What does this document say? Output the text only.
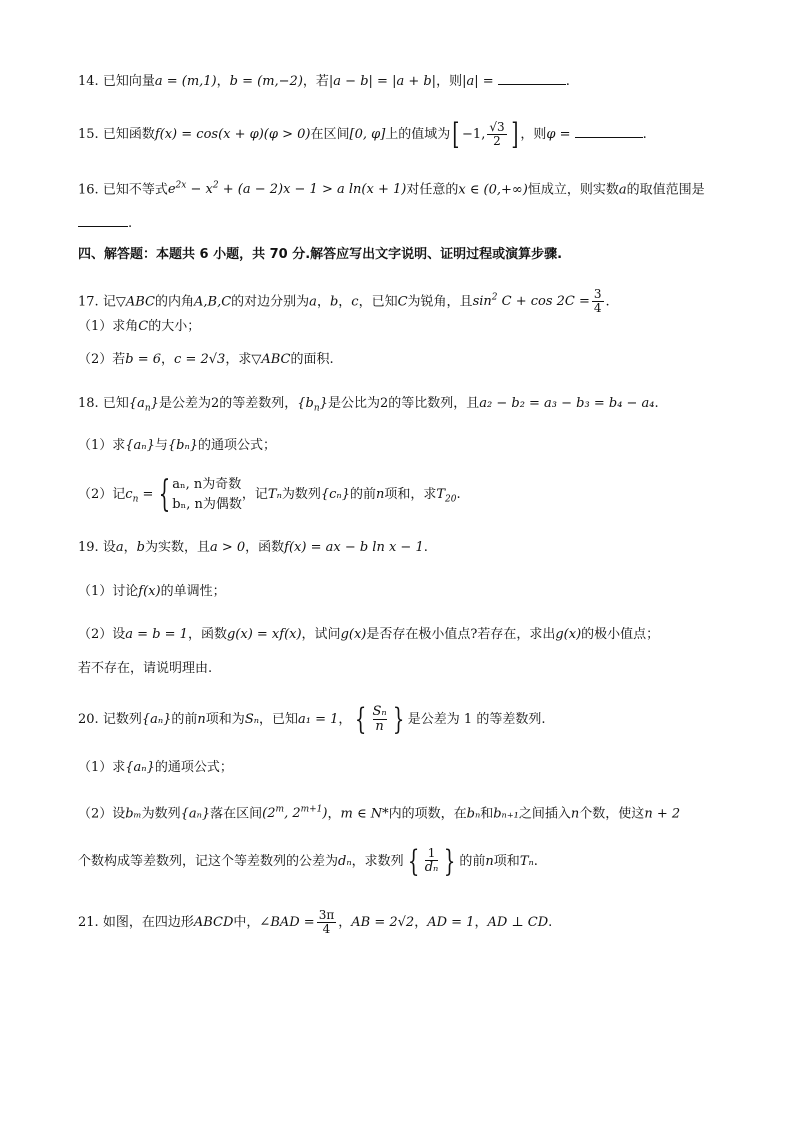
14. 已知向量a = (m,1)，b = (m,−2)，若|a − b| = |a + b|，则|a| =	.
15. 已知函数f(x) = cos(x + φ)(φ > 0)在区间[0, φ]上的值域为[ −1, $\frac{√3}{2}$ ] ，则φ =	.
16. 已知不等式$e^{2x} - x^2 + (a - 2)x - 1 > a$ ln(x + 1)对任意的x ∈ (0,+∞)恒成立，则实数a的取值范围是
.
四、解答题：本题共 6 小题，共 70 分.解答应写出文字说明、证明过程或演算步骤.
17. 记▽ABC的内角A,B,C的对边分别为a，b，c，已知C为锐角，且$\sin^2 C + \cos 2C = \frac{3}{4}$ .
（1）求角C的大小；
（2）若b = 6，c = 2√3，求▽ABC的面积.
18. 已知$\{a_n\}$是公差为2的等差数列，$\{b_n\}$是公比为2的等比数列，且a₂ − b₂ = a₃ − b₃ = b₄ − a₄.
（1）求{aₙ}与{bₙ}的通项公式；
（2）记$c_n$ = { aₙ, n为奇数
bₙ, n为偶数
，记Tₙ为数列{cₙ}的前n项和，求$T_{20}$.
19. 设a，b为实数，且a > 0，函数f(x) = ax − b ln x − 1.
（1）讨论f(x)的单调性；
（2）设a = b = 1，函数g(x) = xf(x)，试问g(x)是否存在极小值点?若存在，求出g(x)的极小值点；
若不存在，请说明理由.
20. 记数列{aₙ}的前n项和为Sₙ，已知a₁ = 1， { $\frac{\text{Sₙ}}{n}$ } 是公差为 1 的等差数列.
（1）求{aₙ}的通项公式；
（2）设bₘ为数列{aₙ}落在区间(2$^m$, $2^{m+1}$)，m ∈ N*内的项数，在bₙ和bₙ₊₁之间插入n个数，使这n + 2
个数构成等差数列，记这个等差数列的公差为dₙ，求数列 { $\frac{1}{\text{dₙ}}$ } 的前n项和Tₙ.
21. 如图，在四边形ABCD中，∠BAD = $\frac{3\pi}{4}$ ，AB = 2√2，AD = 1，AD ⊥ CD.
